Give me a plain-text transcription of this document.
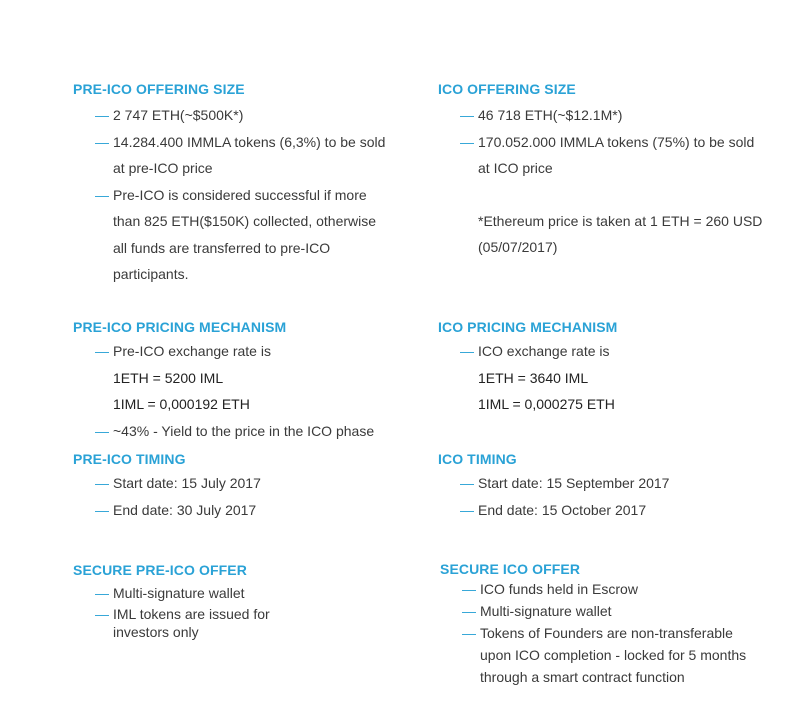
PRE-ICO OFFERING SIZE
— 2 747 ETH(~$500K*)
— 14.284.400 IMMLA tokens (6,3%) to be sold
at pre-ICO price
— Pre-ICO is considered successful if more
than 825 ETH($150K) collected, otherwise
all funds are transferred to pre-ICO
participants.
ICO OFFERING SIZE
— 46 718 ETH(~$12.1M*)
— 170.052.000 IMMLA tokens (75%) to be sold
at ICO price
*Ethereum price is taken at 1 ETH = 260 USD
(05/07/2017)
PRE-ICO PRICING MECHANISM
— Pre-ICO exchange rate is
1ETH = 5200 IML
1IML = 0,000192 ETH
— ~43% - Yield to the price in the ICO phase
ICO PRICING MECHANISM
— ICO exchange rate is
1ETH = 3640 IML
1IML = 0,000275 ETH
PRE-ICO TIMING
— Start date: 15 July 2017
— End date: 30 July 2017
ICO TIMING
— Start date: 15 September 2017
— End date: 15 October 2017
SECURE PRE-ICO OFFER
— Multi-signature wallet
— IML tokens are issued for
investors only
SECURE ICO OFFER
— ICO funds held in Escrow
— Multi-signature wallet
— Tokens of Founders are non-transferable
upon ICO completion - locked for 5 months
through a smart contract function
